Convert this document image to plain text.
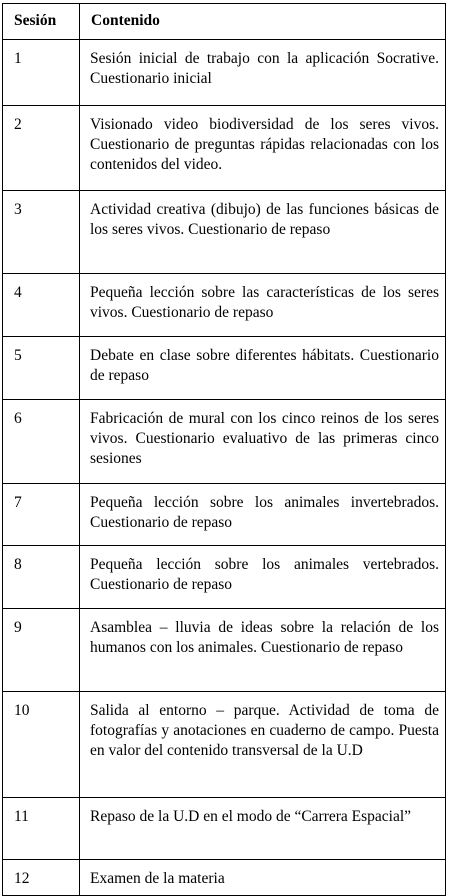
Sesión	Contenido
1	Sesión inicial de trabajo con la aplicación Socrative. Cuestionario inicial
2	Visionado video biodiversidad de los seres vivos. Cuestionario de preguntas rápidas relacionadas con los contenidos del video.
3	Actividad creativa (dibujo) de las funciones básicas de los seres vivos. Cuestionario de repaso
4	Pequeña lección sobre las características de los seres vivos. Cuestionario de repaso
5	Debate en clase sobre diferentes hábitats. Cuestionario de repaso
6	Fabricación de mural con los cinco reinos de los seres vivos. Cuestionario evaluativo de las primeras cinco sesiones
7	Pequeña lección sobre los animales invertebrados. Cuestionario de repaso
8	Pequeña lección sobre los animales vertebrados. Cuestionario de repaso
9	Asamblea – lluvia de ideas sobre la relación de los humanos con los animales. Cuestionario de repaso
10	Salida al entorno – parque. Actividad de toma de fotografías y anotaciones en cuaderno de campo. Puesta en valor del contenido transversal de la U.D
11	Repaso de la U.D en el modo de “Carrera Espacial”
12	Examen de la materia
